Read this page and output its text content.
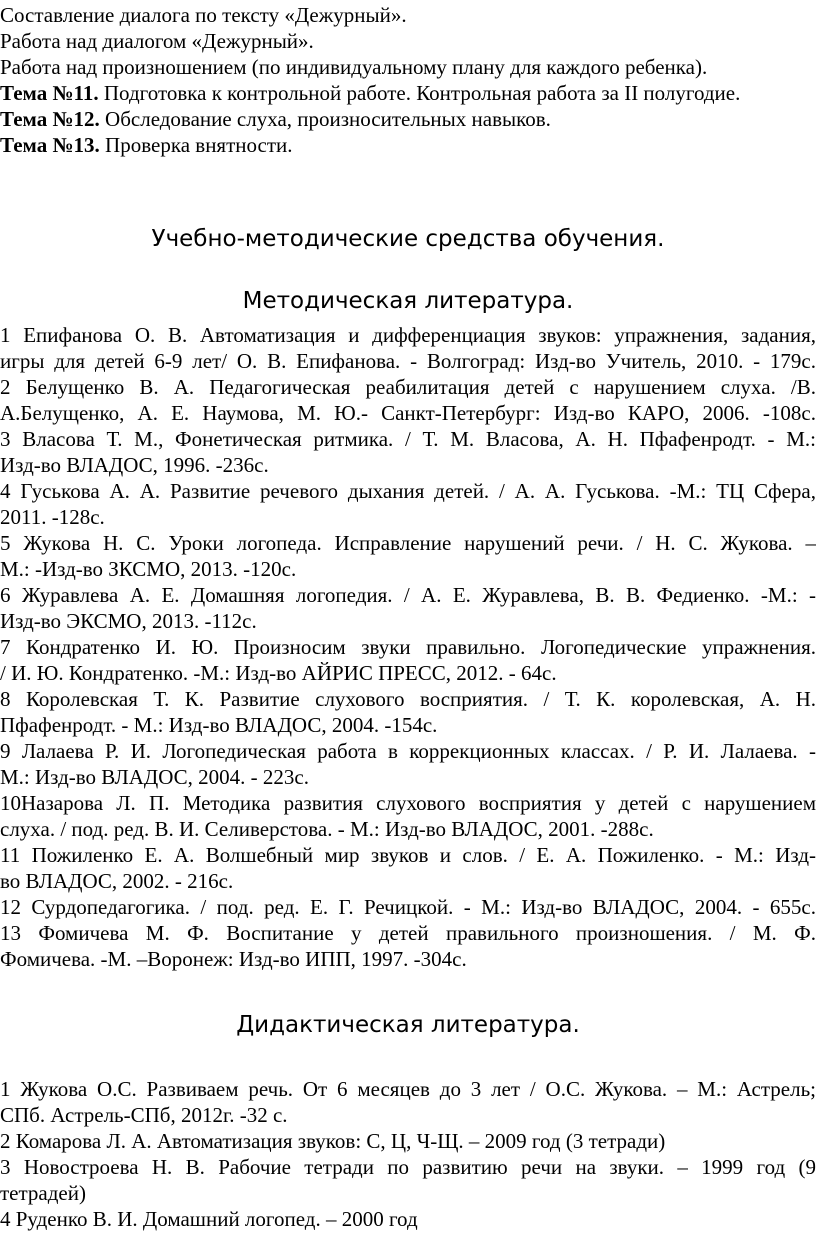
Составление диалога по тексту «Дежурный».
Работа над диалогом «Дежурный».
Работа над произношением (по индивидуальному плану для каждого ребенка).
Тема №11. Подготовка к контрольной работе. Контрольная работа за II полугодие.
Тема №12. Обследование слуха, произносительных навыков.
Тема №13. Проверка внятности.
Учебно-методические средства обучения.
Методическая литература.
1 Епифанова О. В. Автоматизация и дифференциация звуков: упражнения, задания,
игры для детей 6-9 лет/ О. В. Епифанова. - Волгоград: Изд-во Учитель, 2010. - 179с.
2 Белущенко В. А. Педагогическая реабилитация детей с нарушением слуха. /В.
А.Белущенко, А. Е. Наумова, М. Ю.- Санкт-Петербург: Изд-во КАРО, 2006. -108с.
3 Власова Т. М., Фонетическая ритмика. / Т. М. Власова, А. Н. Пфафенродт. - М.:
Изд-во ВЛАДОС, 1996. -236с.
4 Гуськова А. А. Развитие речевого дыхания детей. / А. А. Гуськова. -М.: ТЦ Сфера,
2011. -128с.
5 Жукова Н. С. Уроки логопеда. Исправление нарушений речи. / Н. С. Жукова. –
М.: -Изд-во ЗКСМО, 2013. -120с.
6 Журавлева А. Е. Домашняя логопедия. / А. Е. Журавлева, В. В. Федиенко. -М.: -
Изд-во ЭКСМО, 2013. -112с.
7 Кондратенко И. Ю. Произносим звуки правильно. Логопедические упражнения.
/ И. Ю. Кондратенко. -М.: Изд-во АЙРИС ПРЕСС, 2012. - 64с.
8 Королевская Т. К. Развитие слухового восприятия. / Т. К. королевская, А. Н.
Пфафенродт. - М.: Изд-во ВЛАДОС, 2004. -154с.
9 Лалаева Р. И. Логопедическая работа в коррекционных классах. / Р. И. Лалаева. -
М.: Изд-во ВЛАДОС, 2004. - 223с.
10Назарова Л. П. Методика развития слухового восприятия у детей с нарушением
слуха. / под. ред. В. И. Селиверстова. - М.: Изд-во ВЛАДОС, 2001. -288с.
11 Пожиленко Е. А. Волшебный мир звуков и слов. / Е. А. Пожиленко. - М.: Изд-
во ВЛАДОС, 2002. - 216с.
12 Сурдопедагогика. / под. ред. Е. Г. Речицкой. - М.: Изд-во ВЛАДОС, 2004. - 655с.
13 Фомичева М. Ф. Воспитание у детей правильного произношения. / М. Ф.
Фомичева. -М. –Воронеж: Изд-во ИПП, 1997. -304с.
Дидактическая литература.
1 Жукова О.С. Развиваем речь. От 6 месяцев до 3 лет / О.С. Жукова. – М.: Астрель;
СПб. Астрель-СПб, 2012г. -32 с.
2 Комарова Л. А. Автоматизация звуков: С, Ц, Ч-Щ. – 2009 год (3 тетради)
3 Новостроева Н. В. Рабочие тетради по развитию речи на звуки. – 1999 год (9
тетрадей)
4 Руденко В. И. Домашний логопед. – 2000 год
